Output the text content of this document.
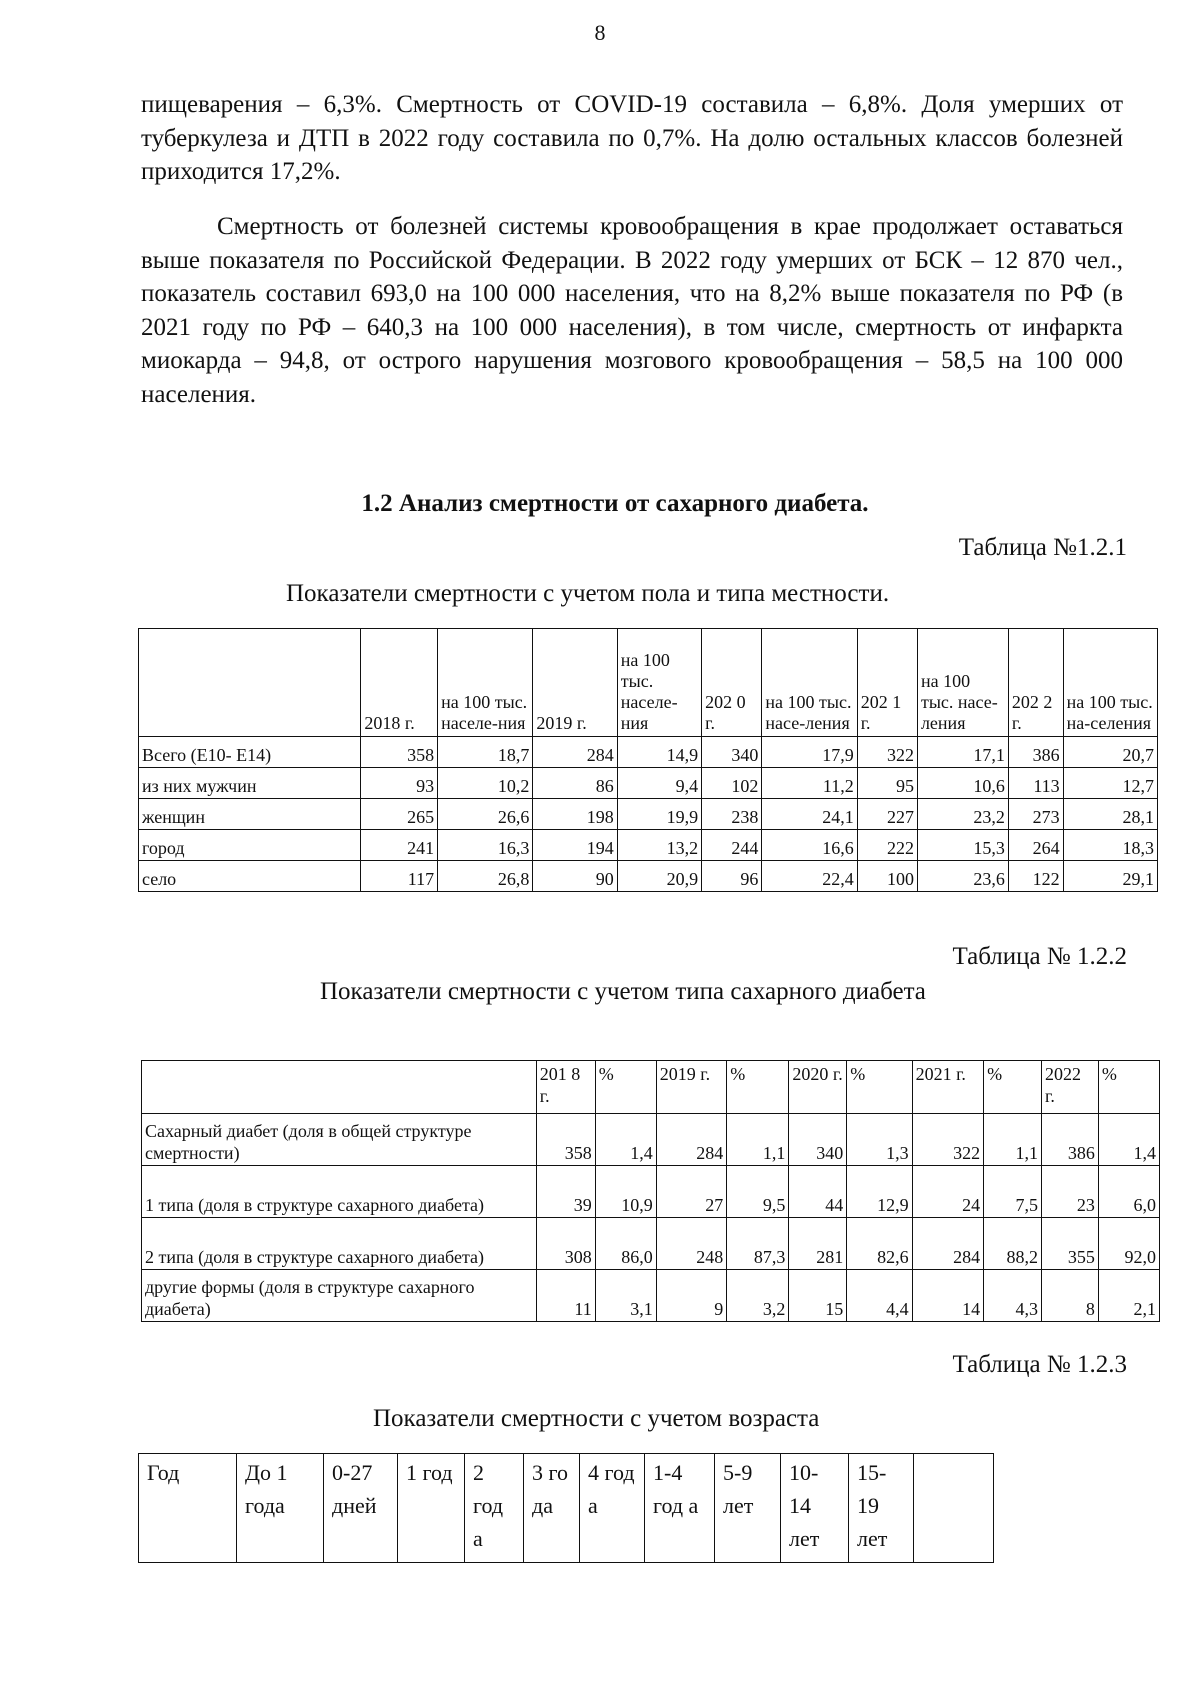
8

пищеварения – 6,3%. Смертность от COVID-19 составила – 6,8%. Доля умерших от туберкулеза и ДТП в 2022 году составила по 0,7%. На долю остальных классов болезней приходится 17,2%.

Смертность от болезней системы кровообращения в крае продолжает оставаться выше показателя по Российской Федерации. В 2022 году умерших от БСК – 12 870 чел., показатель составил 693,0 на 100 000 населения, что на 8,2% выше показателя по РФ (в 2021 году по РФ – 640,3 на 100 000 населения), в том числе, смертность от инфаркта миокарда – 94,8, от острого нарушения мозгового кровообращения – 58,5 на 100 000 населения.

1.2 Анализ смертности от сахарного диабета.
Таблица №1.2.1
Показатели смертности с учетом пола и типа местности.
	2018 г.	на 100 тыс. населе-ния	2019 г.	на 100 тыс. населе-ния	202 0 г.	на 100 тыс. насе-ления	202 1 г.	на 100 тыс. насе-ления	202 2 г.	на 100 тыс. на-селения
Всего (Е10- Е14)	358	18,7	284	14,9	340	17,9	322	17,1	386	20,7
из них мужчин	93	10,2	86	9,4	102	11,2	95	10,6	113	12,7
женщин	265	26,6	198	19,9	238	24,1	227	23,2	273	28,1
город	241	16,3	194	13,2	244	16,6	222	15,3	264	18,3
село	117	26,8	90	20,9	96	22,4	100	23,6	122	29,1
Таблица № 1.2.2
Показатели смертности с учетом типа сахарного диабета
	201 8 г.	%	2019 г.	%	2020 г.	%	2021 г.	%	2022 г.	%
Сахарный диабет (доля в общей структуре смертности)	358	1,4	284	1,1	340	1,3	322	1,1	386	1,4
1 типа (доля в структуре сахарного диабета)	39	10,9	27	9,5	44	12,9	24	7,5	23	6,0
2 типа (доля в структуре сахарного диабета)	308	86,0	248	87,3	281	82,6	284	88,2	355	92,0
другие формы (доля в структуре сахарного диабета)	11	3,1	9	3,2	15	4,4	14	4,3	8	2,1
Таблица № 1.2.3
Показатели смертности с учетом возраста
Год	До 1 года	0-27 дней	1 год	2 год а	3 го да	4 год а	1-4 год а	5-9 лет	10- 14 лет	15- 19 лет	
